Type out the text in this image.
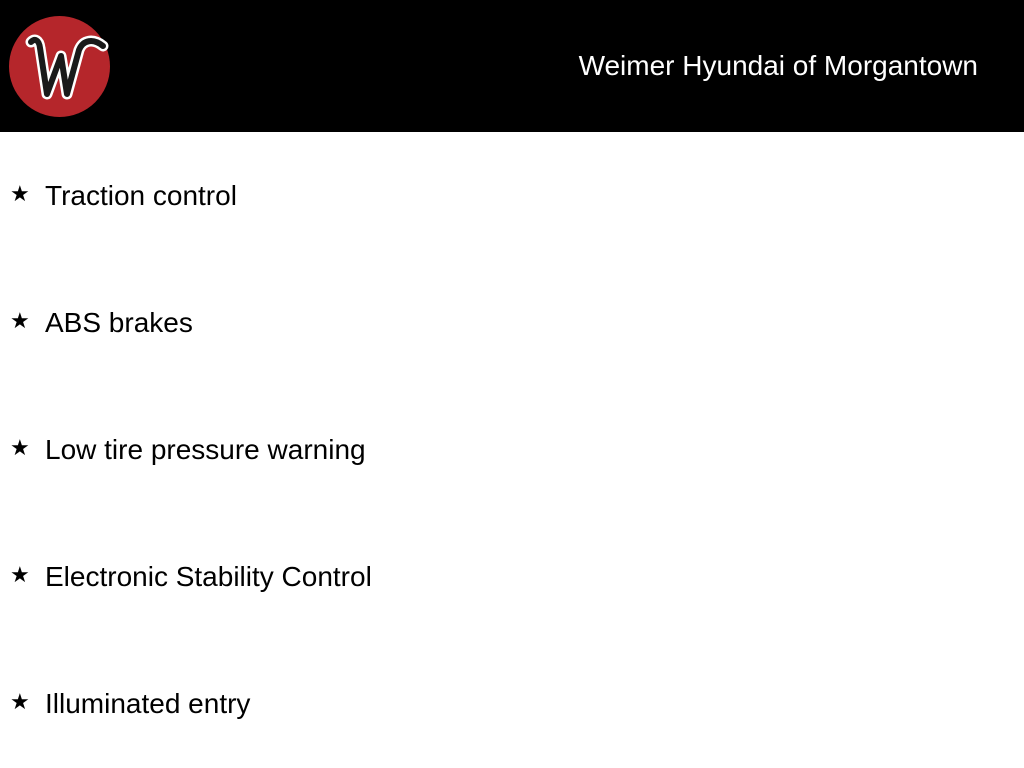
Weimer Hyundai of Morgantown
★ Traction control
★ ABS brakes
★ Low tire pressure warning
★ Electronic Stability Control
★ Illuminated entry
